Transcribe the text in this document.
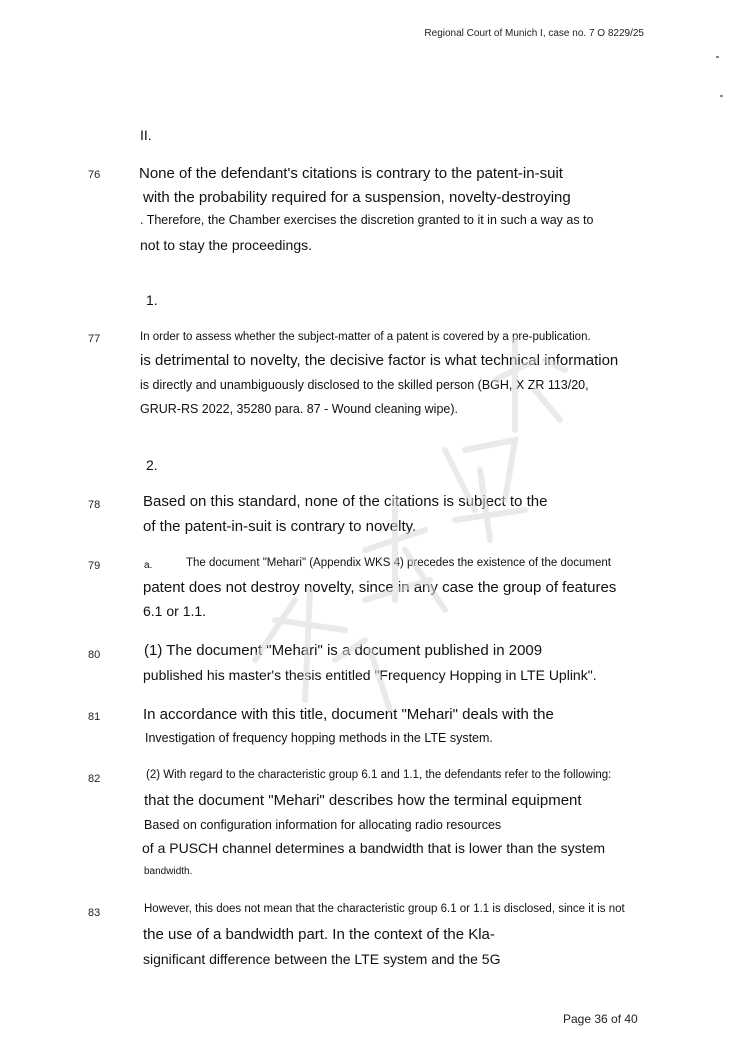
Regional Court of Munich I, case no. 7 O 8229/25
II.
76	None of the defendant's citations is contrary to the patent-in-suit
with the probability required for a suspension, novelty-destroying
. Therefore, the Chamber exercises the discretion granted to it in such a way as to
not to stay the proceedings.
1.
77	In order to assess whether the subject-matter of a patent is covered by a pre-publication.
is detrimental to novelty, the decisive factor is what technical information
is directly and unambiguously disclosed to the skilled person (BGH, X ZR 113/20,
GRUR-RS 2022, 35280 para. 87 - Wound cleaning wipe).
2.
78	Based on this standard, none of the citations is subject to the
of the patent-in-suit is contrary to novelty.
79	a.	The document "Mehari" (Appendix WKS 4) precedes the existence of the document
patent does not destroy novelty, since in any case the group of features
6.1 or 1.1.
80	(1) The document "Mehari" is a document published in 2009
published his master's thesis entitled "Frequency Hopping in LTE Uplink".
81	In accordance with this title, document "Mehari" deals with the
Investigation of frequency hopping methods in the LTE system.
82	(2) With regard to the characteristic group 6.1 and 1.1, the defendants refer to the following:
that the document "Mehari" describes how the terminal equipment
Based on configuration information for allocating radio resources
of a PUSCH channel determines a bandwidth that is lower than the system
bandwidth.
83	However, this does not mean that the characteristic group 6.1 or 1.1 is disclosed, since it is not
the use of a bandwidth part. In the context of the Kla-
significant difference between the LTE system and the 5G
Page 36 of 40
